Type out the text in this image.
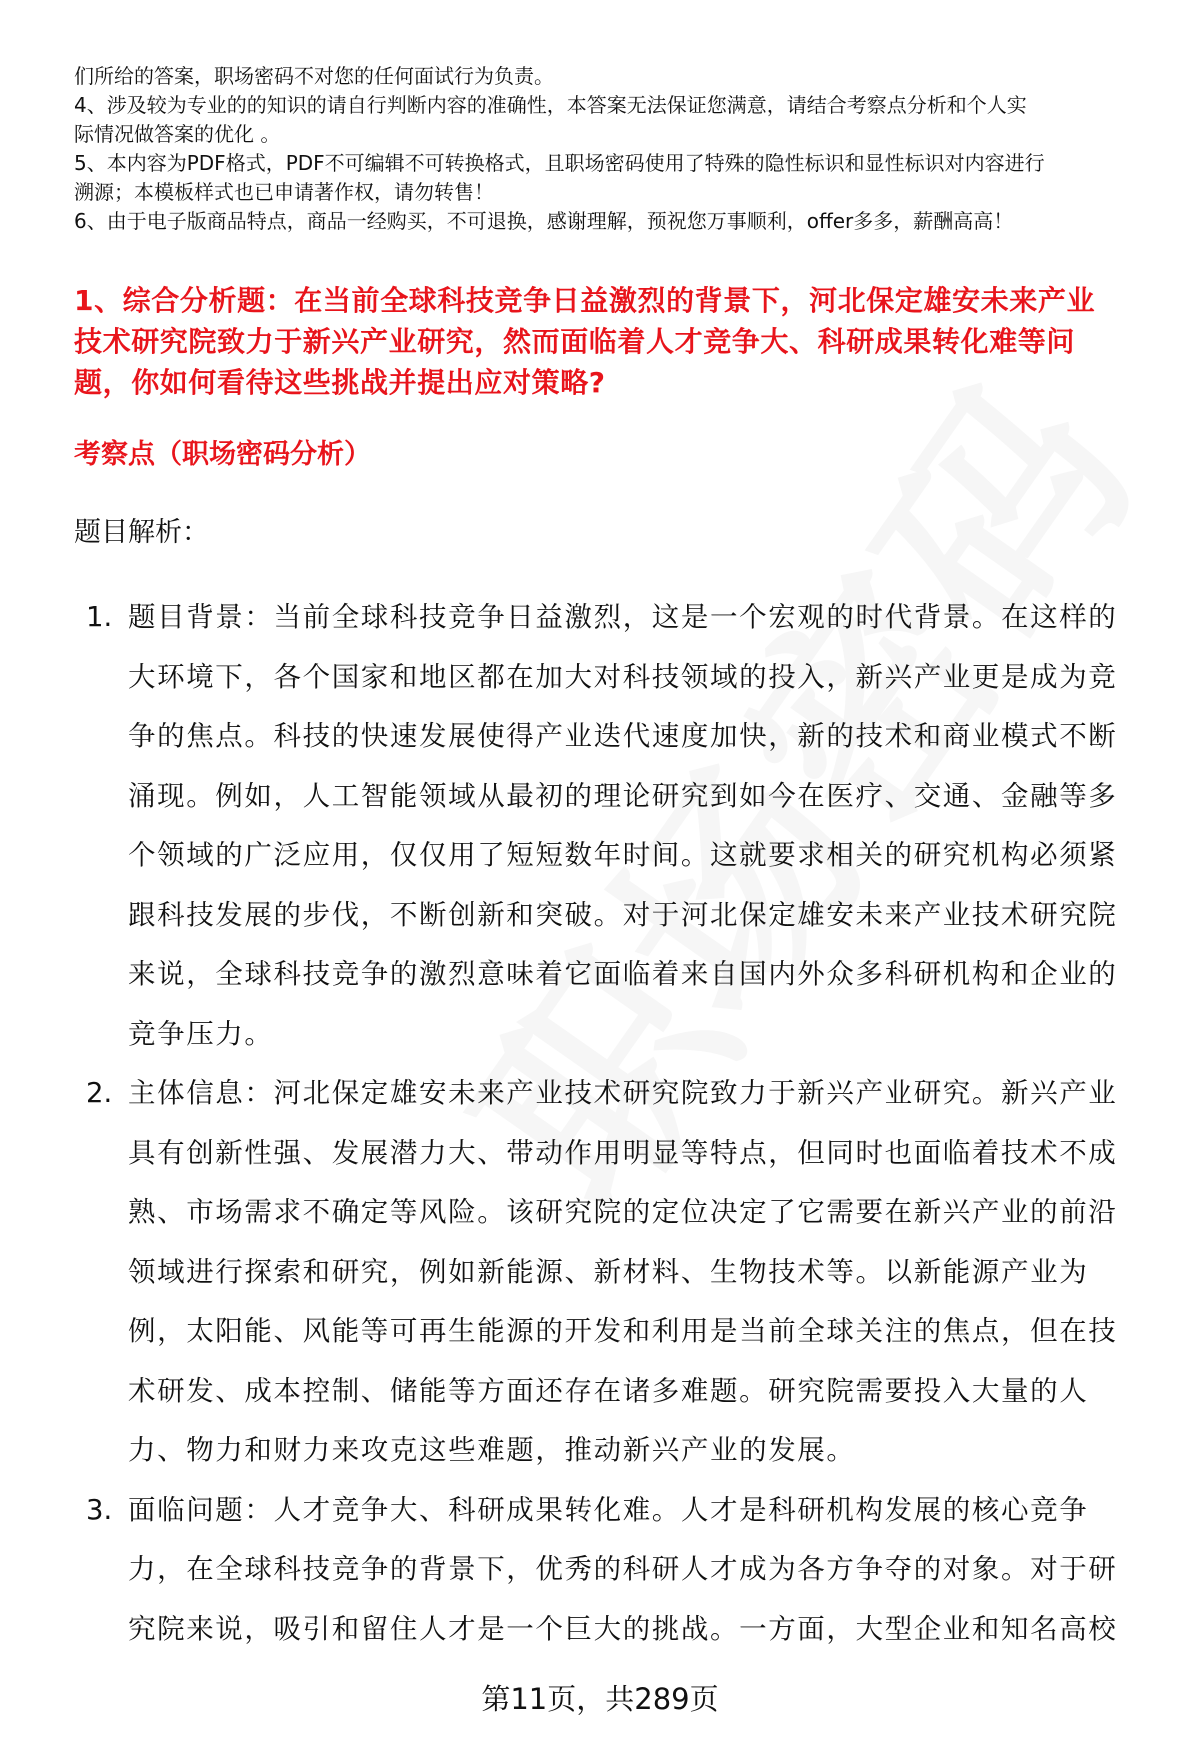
们所给的答案，职场密码不对您的任何面试行为负责。
4、涉及较为专业的的知识的请自行判断内容的准确性，本答案无法保证您满意，请结合考察点分析和个人实
际情况做答案的优化 。
5、本内容为PDF格式，PDF不可编辑不可转换格式，且职场密码使用了特殊的隐性标识和显性标识对内容进行
溯源；本模板样式也已申请著作权，请勿转售！
6、由于电子版商品特点，商品一经购买，不可退换，感谢理解，预祝您万事顺利，offer多多，薪酬高高！
1、综合分析题：在当前全球科技竞争日益激烈的背景下，河北保定雄安未来产业
技术研究院致力于新兴产业研究，然而面临着人才竞争大、科研成果转化难等问
题，你如何看待这些挑战并提出应对策略?
考察点（职场密码分析）
题目解析：
1. 题目背景：当前全球科技竞争日益激烈，这是一个宏观的时代背景。在这样的
大环境下，各个国家和地区都在加大对科技领域的投入，新兴产业更是成为竞
争的焦点。科技的快速发展使得产业迭代速度加快，新的技术和商业模式不断
涌现。例如，人工智能领域从最初的理论研究到如今在医疗、交通、金融等多
个领域的广泛应用，仅仅用了短短数年时间。这就要求相关的研究机构必须紧
跟科技发展的步伐，不断创新和突破。对于河北保定雄安未来产业技术研究院
来说，全球科技竞争的激烈意味着它面临着来自国内外众多科研机构和企业的
竞争压力。
2. 主体信息：河北保定雄安未来产业技术研究院致力于新兴产业研究。新兴产业
具有创新性强、发展潜力大、带动作用明显等特点，但同时也面临着技术不成
熟、市场需求不确定等风险。该研究院的定位决定了它需要在新兴产业的前沿
领域进行探索和研究，例如新能源、新材料、生物技术等。以新能源产业为
例，太阳能、风能等可再生能源的开发和利用是当前全球关注的焦点，但在技
术研发、成本控制、储能等方面还存在诸多难题。研究院需要投入大量的人
力、物力和财力来攻克这些难题，推动新兴产业的发展。
3. 面临问题：人才竞争大、科研成果转化难。人才是科研机构发展的核心竞争
力，在全球科技竞争的背景下，优秀的科研人才成为各方争夺的对象。对于研
究院来说，吸引和留住人才是一个巨大的挑战。一方面，大型企业和知名高校
第11页，共289页
